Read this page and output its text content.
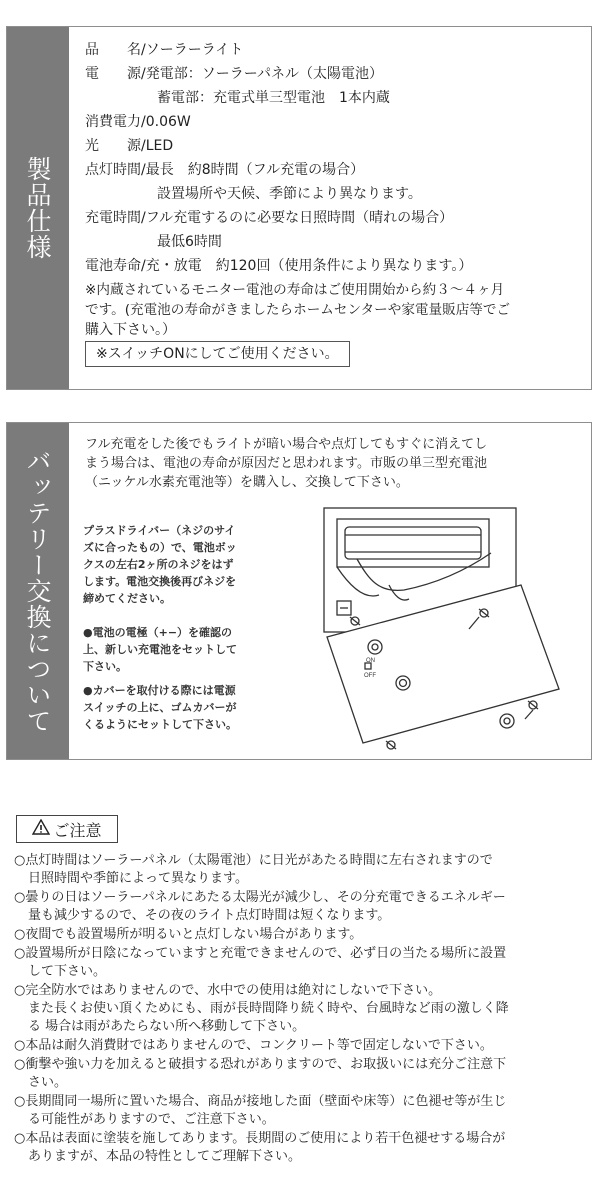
製品仕様
品　　名/ソーラーライト
電　　源/発電部：ソーラーパネル（太陽電池）
蓄電部：充電式単三型電池　1本内蔵
消費電力/0.06W
光　　源/LED
点灯時間/最長　約8時間（フル充電の場合）
設置場所や天候、季節により異なります。
充電時間/フル充電するのに必要な日照時間（晴れの場合）
最低6時間
電池寿命/充・放電　約120回（使用条件により異なります。）
※内蔵されているモニター電池の寿命はご使用開始から約３～４ヶ月
です。(充電池の寿命がきましたらホームセンターや家電量販店等でご
購入下さい。）
※スイッチONにしてご使用ください。
バッテリー交換について
フル充電をした後でもライトが暗い場合や点灯してもすぐに消えてし
まう場合は、電池の寿命が原因だと思われます。市販の単三型充電池
（ニッケル水素充電池等）を購入し、交換して下さい。
プラスドライバー（ネジのサイ
ズに合ったもの）で、電池ボッ
クスの左右2ヶ所のネジをはず
します。電池交換後再びネジを
締めてください。
●電池の電極（+−）を確認の
上、新しい充電池をセットして
下さい。
●カバーを取付ける際には電源
スイッチの上に、ゴムカバーが
くるようにセットして下さい。
ON
OFF
ご注意
○点灯時間はソーラーパネル（太陽電池）に日光があたる時間に左右されますので
日照時間や季節によって異なります。
○曇りの日はソーラーパネルにあたる太陽光が減少し、その分充電できるエネルギー
量も減少するので、その夜のライト点灯時間は短くなります。
○夜間でも設置場所が明るいと点灯しない場合があります。
○設置場所が日陰になっていますと充電できませんので、必ず日の当たる場所に設置
して下さい。
○完全防水ではありませんので、水中での使用は絶対にしないで下さい。
また長くお使い頂くためにも、雨が長時間降り続く時や、台風時など雨の激しく降
る 場合は雨があたらない所へ移動して下さい。
○本品は耐久消費財ではありませんので、コンクリート等で固定しないで下さい。
○衝撃や強い力を加えると破損する恐れがありますので、お取扱いには充分ご注意下
さい。
○長期間同一場所に置いた場合、商品が接地した面（壁面や床等）に色褪せ等が生じ
る可能性がありますので、ご注意下さい。
○本品は表面に塗装を施してあります。長期間のご使用により若干色褪せする場合が
ありますが、本品の特性としてご理解下さい。
